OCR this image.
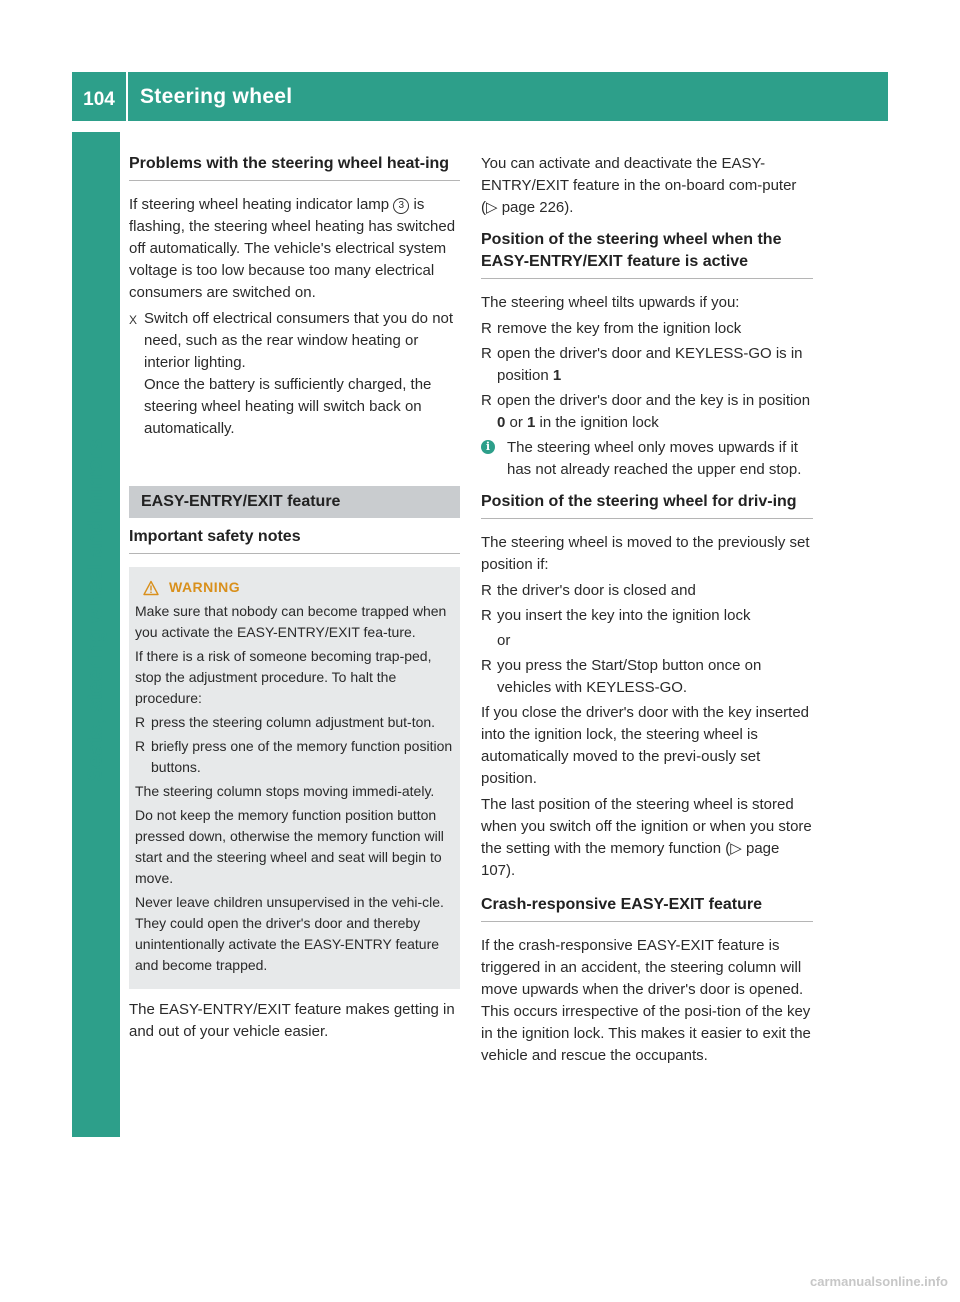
104	Steering wheel
Seats, steering wheel and mirrors
Problems with the steering wheel heat-ing

If steering wheel heating indicator lamp 3 is flashing, the steering wheel heating has switched off automatically. The vehicle's electrical system voltage is too low because too many electrical consumers are switched on.

X Switch off electrical consumers that you do not need, such as the rear window heating or interior lighting.
Once the battery is sufficiently charged, the steering wheel heating will switch back on automatically.
EASY-ENTRY/EXIT feature
Important safety notes
WARNING

Make sure that nobody can become trapped when you activate the EASY-ENTRY/EXIT fea-ture.

If there is a risk of someone becoming trap-ped, stop the adjustment procedure. To halt the procedure:

R press the steering column adjustment but-ton.
R briefly press one of the memory function position buttons.

The steering column stops moving immedi-ately.

Do not keep the memory function position button pressed down, otherwise the memory function will start and the steering wheel and seat will begin to move.

Never leave children unsupervised in the vehi-cle. They could open the driver's door and thereby unintentionally activate the EASY-ENTRY feature and become trapped.

The EASY-ENTRY/EXIT feature makes getting in and out of your vehicle easier.

You can activate and deactivate the EASY-ENTRY/EXIT feature in the on-board com-puter (▷ page 226).

Position of the steering wheel when the EASY-ENTRY/EXIT feature is active

The steering wheel tilts upwards if you:

R remove the key from the ignition lock
R open the driver's door and KEYLESS-GO is in position 1
R open the driver's door and the key is in position 0 or 1 in the ignition lock
i	The steering wheel only moves upwards if it has not already reached the upper end stop.
Position of the steering wheel for driv-ing

The steering wheel is moved to the previously set position if:

R the driver's door is closed and
R you insert the key into the ignition lock
or
R you press the Start/Stop button once on vehicles with KEYLESS-GO.

If you close the driver's door with the key inserted into the ignition lock, the steering wheel is automatically moved to the previ-ously set position.

The last position of the steering wheel is stored when you switch off the ignition or when you store the setting with the memory function (▷ page 107).

Crash-responsive EASY-EXIT feature

If the crash-responsive EASY-EXIT feature is triggered in an accident, the steering column will move upwards when the driver's door is opened. This occurs irrespective of the posi-tion of the key in the ignition lock. This makes it easier to exit the vehicle and rescue the occupants.

carmanualsonline.info
